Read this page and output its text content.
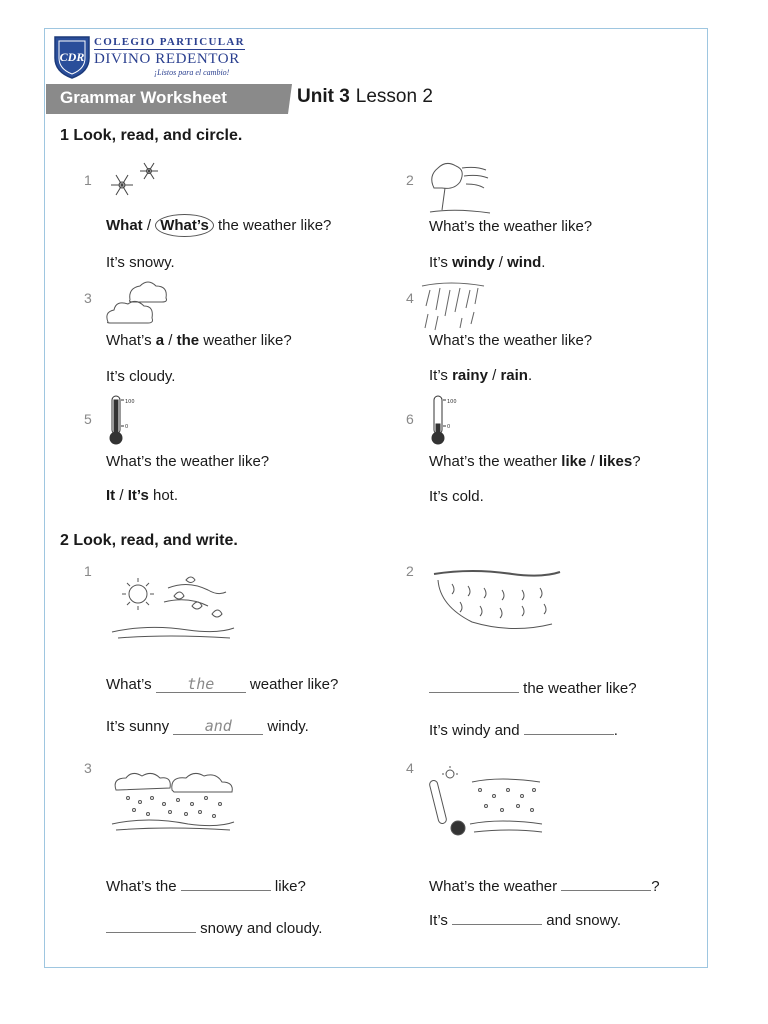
CDR
COLEGIO PARTICULAR
DIVINO REDENTOR
¡Listos para el cambio!
Grammar Worksheet	Unit 3 Lesson 2
1 Look, read, and circle.
1
What / What’s the weather like?
It’s snowy.
2
What’s the weather like?
It’s windy / wind.
3
What’s a / the weather like?
It’s cloudy.
4
What’s the weather like?
It’s rainy / rain.
5
100
0
What’s the weather like?
It / It’s hot.
6
100
0
What’s the weather like / likes?
It’s cold.
2 Look, read, and write.
1
What’s the weather like?
It’s sunny and windy.
2
the weather like?
It’s windy and	.
3
What’s the	like?
snowy and cloudy.
4
What’s the weather	?
It’s	and snowy.
